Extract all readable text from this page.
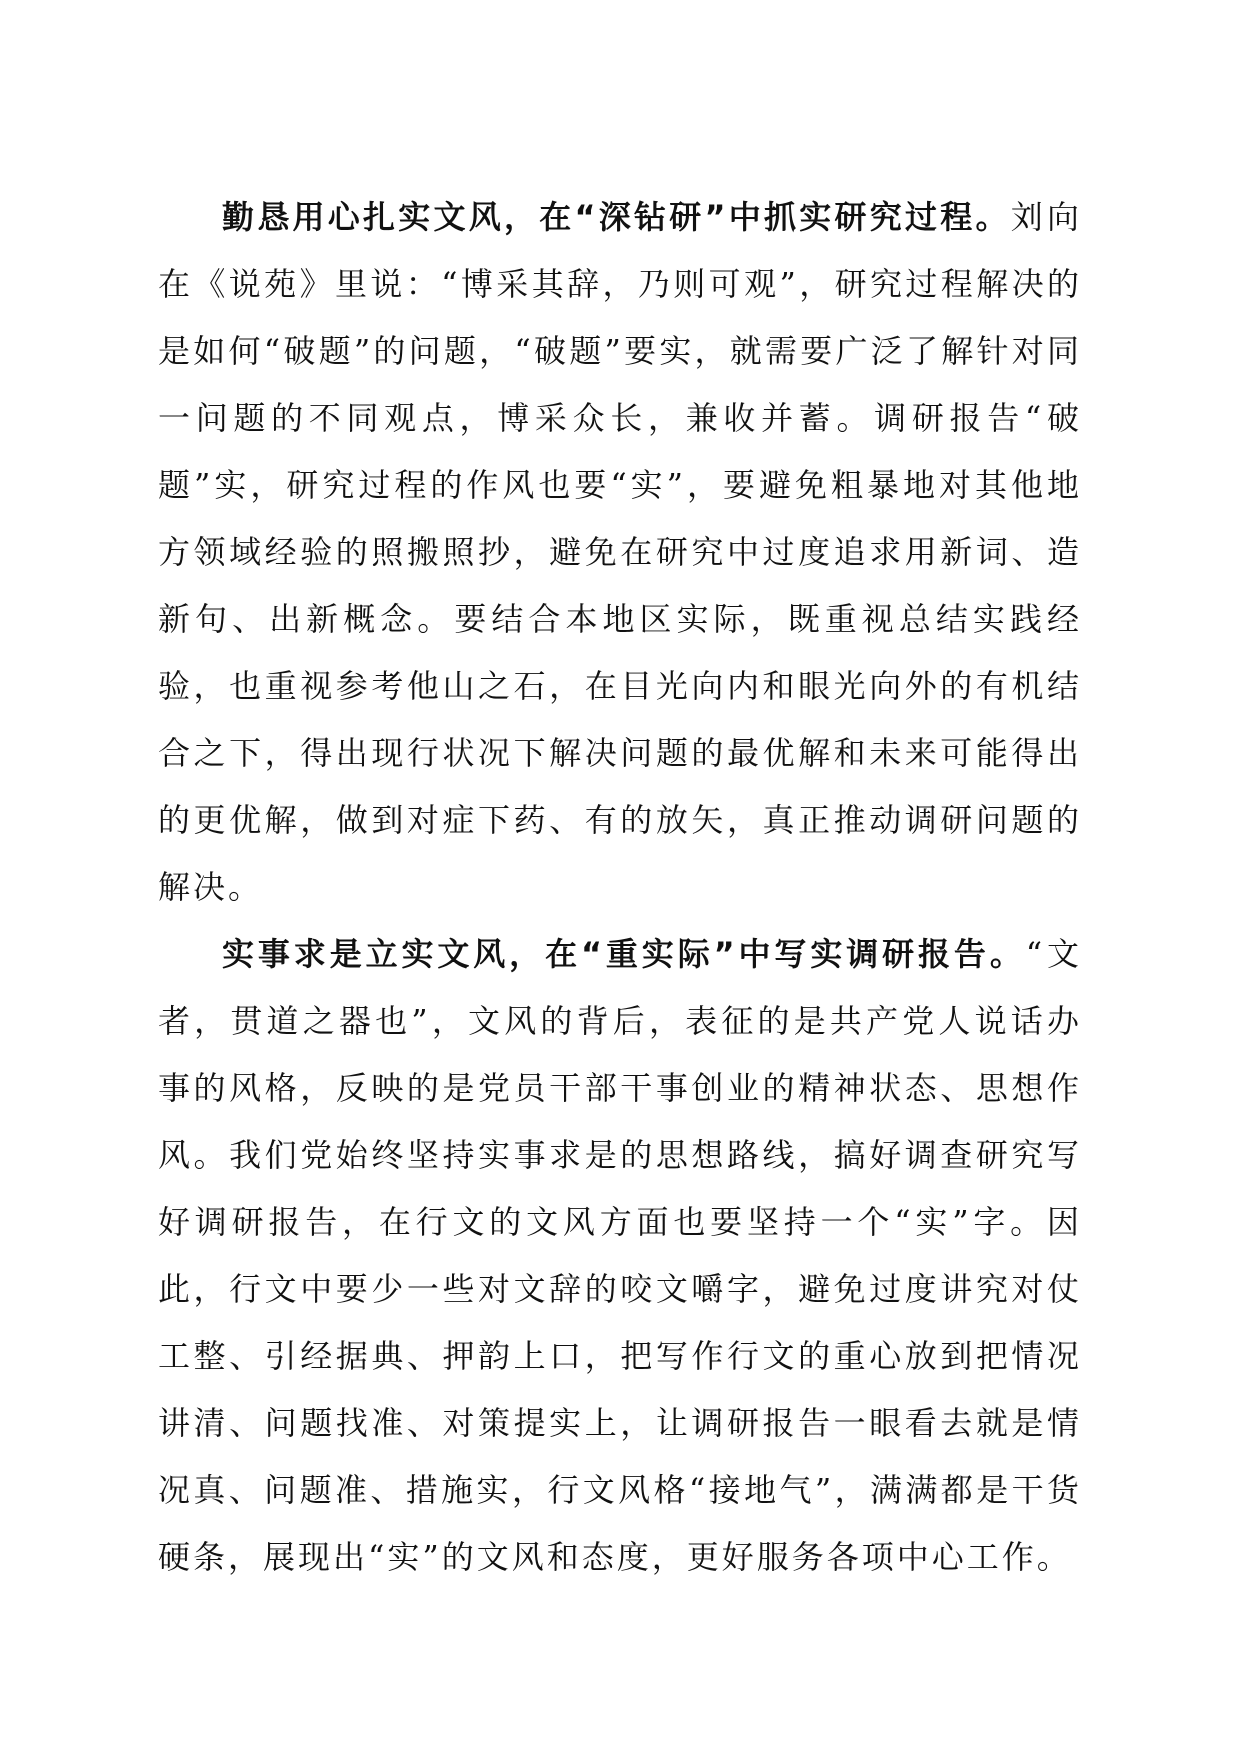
勤恳用心扎实文风，在“深钻研”中抓实研究过程。刘向在《说苑》里说：“博采其辞，乃则可观”，研究过程解决的是如何“破题”的问题，“破题”要实，就需要广泛了解针对同一问题的不同观点，博采众长，兼收并蓄。调研报告“破题”实，研究过程的作风也要“实”，要避免粗暴地对其他地方领域经验的照搬照抄，避免在研究中过度追求用新词、造新句、出新概念。要结合本地区实际，既重视总结实践经验，也重视参考他山之石，在目光向内和眼光向外的有机结合之下，得出现行状况下解决问题的最优解和未来可能得出的更优解，做到对症下药、有的放矢，真正推动调研问题的解决。

实事求是立实文风，在“重实际”中写实调研报告。“文者，贯道之器也”，文风的背后，表征的是共产党人说话办事的风格，反映的是党员干部干事创业的精神状态、思想作风。我们党始终坚持实事求是的思想路线，搞好调查研究写好调研报告，在行文的文风方面也要坚持一个“实”字。因此，行文中要少一些对文辞的咬文嚼字，避免过度讲究对仗工整、引经据典、押韵上口，把写作行文的重心放到把情况讲清、问题找准、对策提实上，让调研报告一眼看去就是情况真、问题准、措施实，行文风格“接地气”，满满都是干货硬条，展现出“实”的文风和态度，更好服务各项中心工作。
